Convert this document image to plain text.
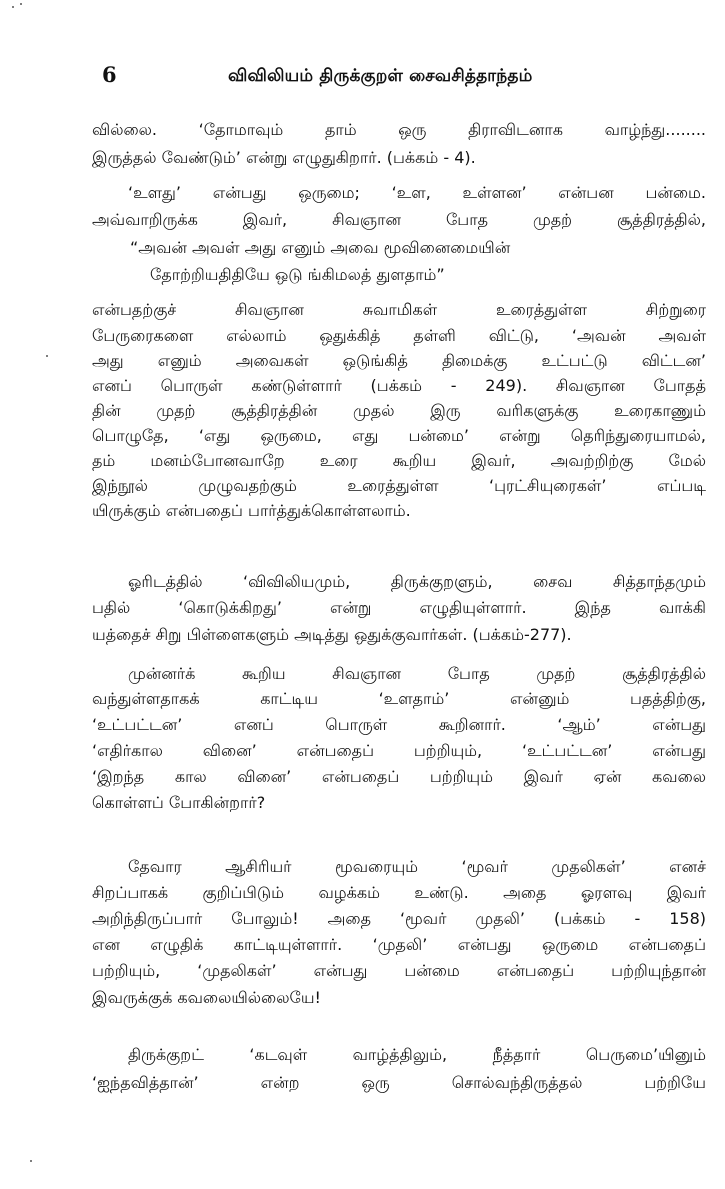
6	விவிலியம் திருக்குறள் சைவசித்தாந்தம்
வில்லை. ‘தோமாவும் தாம் ஒரு திராவிடனாக வாழ்ந்து........
இருத்தல் வேண்டும்’ என்று எழுதுகிறார். (பக்கம் - 4).
‘உளது’ என்பது ஒருமை; ‘உள, உள்ளன’ என்பன பன்மை.
அவ்வாறிருக்க இவர், சிவஞான போத முதற் சூத்திரத்தில்,
“அவன் அவள் அது எனும் அவை மூவினைமையின்
தோற்றியதிதியே ஒடு ங்கிமலத் துளதாம்”
என்பதற்குச் சிவஞான சுவாமிகள் உரைத்துள்ள சிற்றுரை
பேருரைகளை எல்லாம் ஒதுக்கித் தள்ளி விட்டு, ‘அவன் அவள்
அது எனும் அவைகள் ஒடுங்கித் திமைக்கு உட்பட்டு விட்டன’
எனப் பொருள் கண்டுள்ளார் (பக்கம் - 249). சிவஞான போதத்
தின் முதற் சூத்திரத்தின் முதல் இரு வரிகளுக்கு உரைகாணும்
பொழுதே, ‘எது ஒருமை, எது பன்மை’ என்று தெரிந்துரையாமல்,
தம் மனம்போனவாறே உரை கூறிய இவர், அவற்றிற்கு மேல்
இந்நூல் முழுவதற்கும் உரைத்துள்ள ‘புரட்சியுரைகள்’ எப்படி
யிருக்கும் என்பதைப் பார்த்துக்கொள்ளலாம்.
ஓரிடத்தில் ‘விவிலியமும், திருக்குறளும், சைவ சித்தாந்தமும்
பதில் ‘கொடுக்கிறது’ என்று எழுதியுள்ளார். இந்த வாக்கி
யத்தைச் சிறு பிள்ளைகளும் அடித்து ஒதுக்குவார்கள். (பக்கம்-277).
முன்னர்க் கூறிய சிவஞான போத முதற் சூத்திரத்தில்
வந்துள்ளதாகக் காட்டிய ‘உளதாம்’ என்னும் பதத்திற்கு,
‘உட்பட்டன’ எனப் பொருள் கூறினார். ‘ஆம்’ என்பது
‘எதிர்கால வினை’ என்பதைப் பற்றியும், ‘உட்பட்டன’ என்பது
‘இறந்த கால வினை’ என்பதைப் பற்றியும் இவர் ஏன் கவலை
கொள்ளப் போகின்றார்?
தேவார ஆசிரியர் மூவரையும் ‘மூவர் முதலிகள்’ எனச்
சிறப்பாகக் குறிப்பிடும் வழக்கம் உண்டு. அதை ஓரளவு இவர்
அறிந்திருப்பார் போலும்! அதை ‘மூவர் முதலி’ (பக்கம் - 158)
என எழுதிக் காட்டியுள்ளார். ‘முதலி’ என்பது ஒருமை என்பதைப்
பற்றியும், ‘முதலிகள்’ என்பது பன்மை என்பதைப் பற்றியுந்தான்
இவருக்குக் கவலையில்லையே!
திருக்குறட் ‘கடவுள் வாழ்த்திலும், நீத்தார் பெருமை’யினும்
‘ஐந்தவித்தான்’ என்ற ஒரு சொல்வந்திருத்தல் பற்றியே
